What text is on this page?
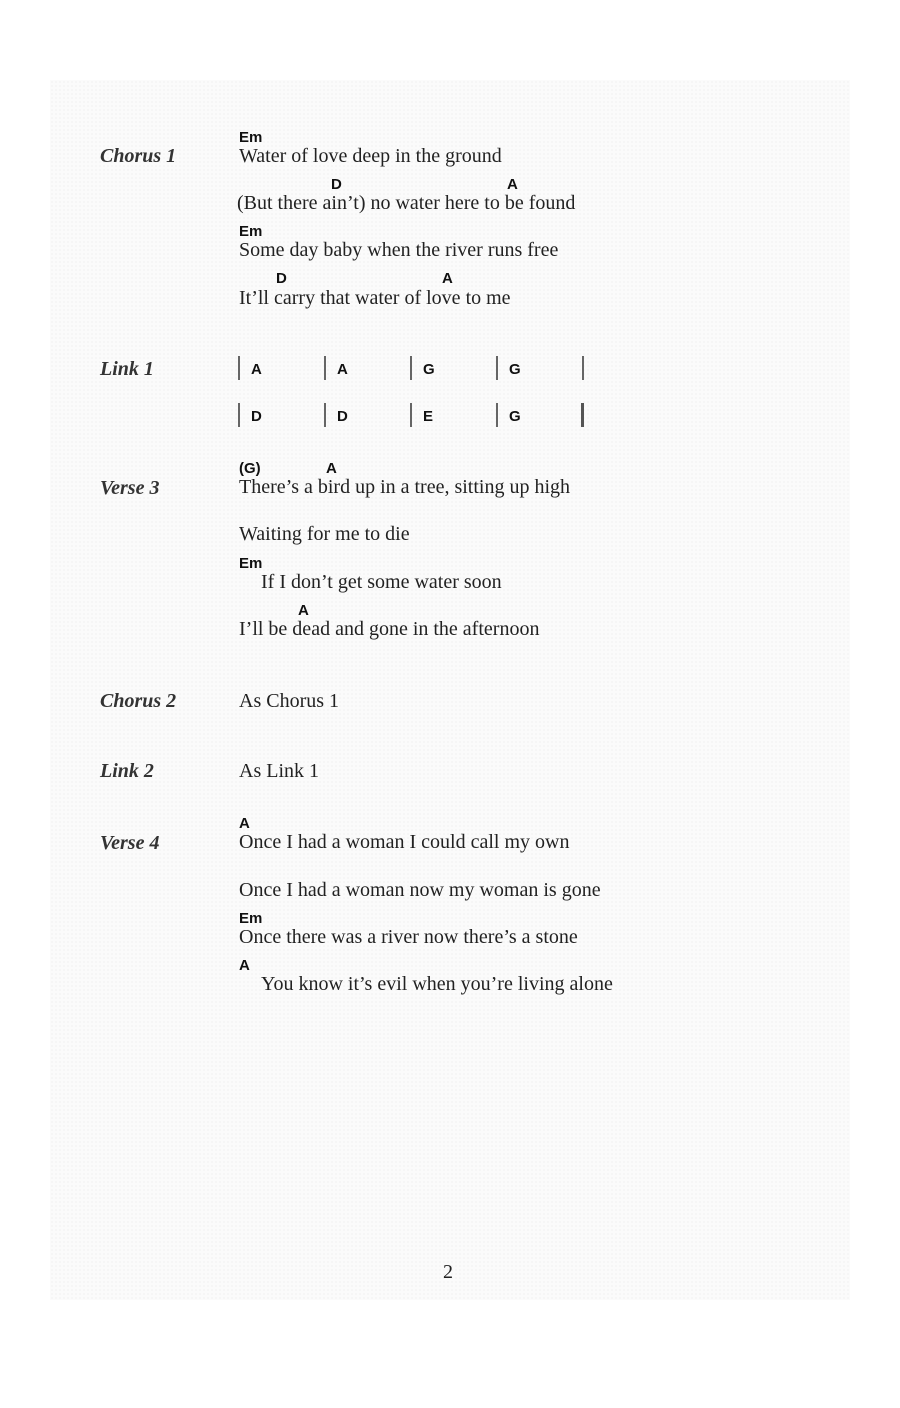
Chorus 1
Em
Water of love deep in the ground
D	A
(But there ain’t) no water here to be found
Em
Some day baby when the river runs free
D	A
It’ll carry that water of love to me
Link 1	A	A	G	G
D	D	E	G
Verse 3
(G)	A
There’s a bird up in a tree, sitting up high
Waiting for me to die
Em
If I don’t get some water soon
A
I’ll be dead and gone in the afternoon
Chorus 2	As Chorus 1
Link 2	As Link 1
Verse 4
A
Once I had a woman I could call my own
Once I had a woman now my woman is gone
Em
Once there was a river now there’s a stone
A
You know it’s evil when you’re living alone
2
